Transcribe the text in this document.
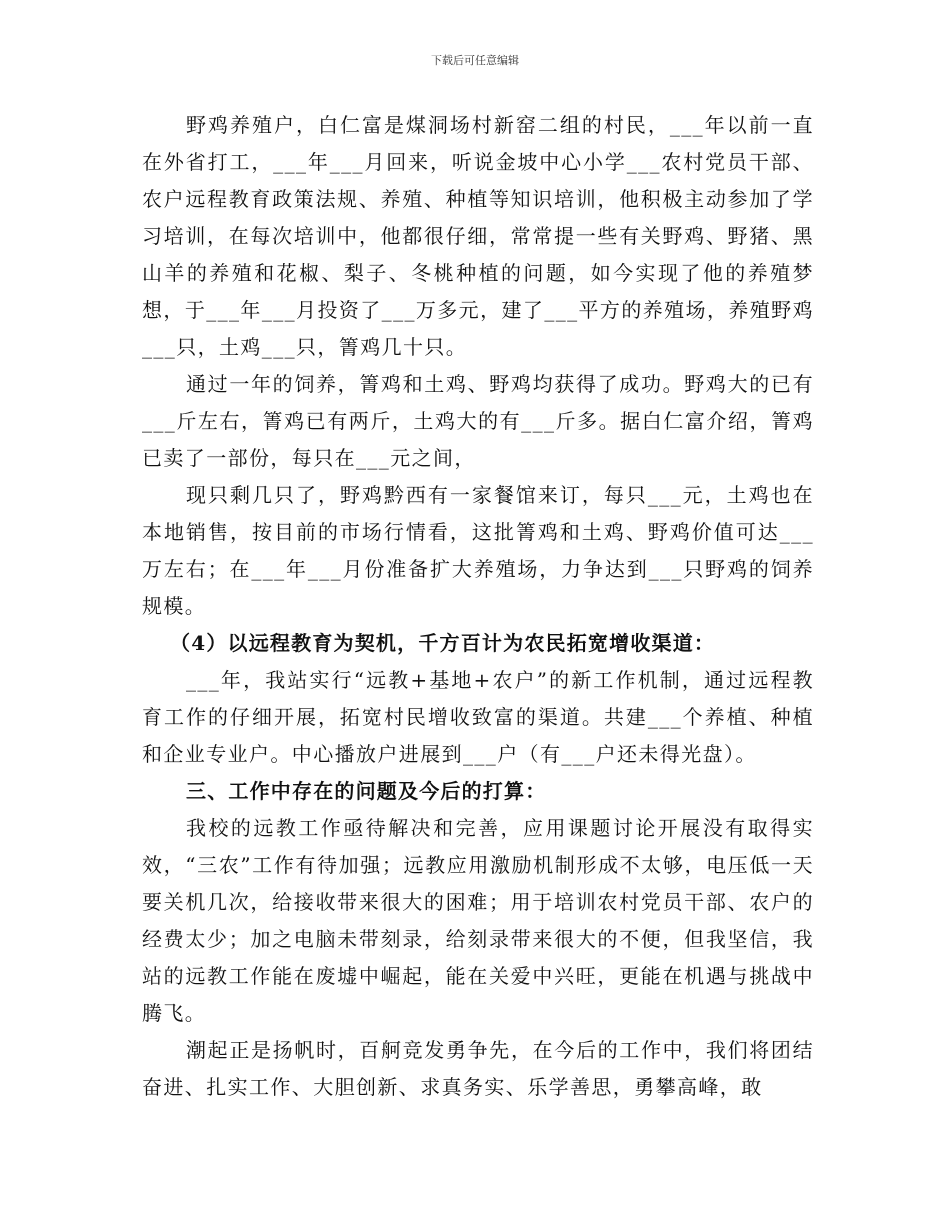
下载后可任意编辑

野鸡养殖户，白仁富是煤洞场村新窑二组的村民，___年以前一直在外省打工，___年___月回来，听说金坡中心小学___农村党员干部、农户远程教育政策法规、养殖、种植等知识培训，他积极主动参加了学习培训，在每次培训中，他都很仔细，常常提一些有关野鸡、野猪、黑山羊的养殖和花椒、梨子、冬桃种植的问题，如今实现了他的养殖梦想，于___年___月投资了___万多元，建了___平方的养殖场，养殖野鸡___只，土鸡___只，箐鸡几十只。

通过一年的饲养，箐鸡和土鸡、野鸡均获得了成功。野鸡大的已有___斤左右，箐鸡已有两斤，土鸡大的有___斤多。据白仁富介绍，箐鸡已卖了一部份，每只在___元之间，

现只剩几只了，野鸡黔西有一家餐馆来订，每只___元，土鸡也在本地销售，按目前的市场行情看，这批箐鸡和土鸡、野鸡价值可达___万左右；在___年___月份准备扩大养殖场，力争达到___只野鸡的饲养规模。

（4）以远程教育为契机，千方百计为农民拓宽增收渠道：

___年，我站实行“远教+基地+农户”的新工作机制，通过远程教育工作的仔细开展，拓宽村民增收致富的渠道。共建___个养植、种植和企业专业户。中心播放户进展到___户（有___户还未得光盘）。

三、工作中存在的问题及今后的打算：

我校的远教工作亟待解决和完善，应用课题讨论开展没有取得实效，“三农”工作有待加强；远教应用激励机制形成不太够，电压低一天要关机几次，给接收带来很大的困难；用于培训农村党员干部、农户的经费太少；加之电脑未带刻录，给刻录带来很大的不便，但我坚信，我站的远教工作能在废墟中崛起，能在关爱中兴旺，更能在机遇与挑战中腾飞。

潮起正是扬帆时，百舸竞发勇争先，在今后的工作中，我们将团结奋进、扎实工作、大胆创新、求真务实、乐学善思，勇攀高峰，敢
